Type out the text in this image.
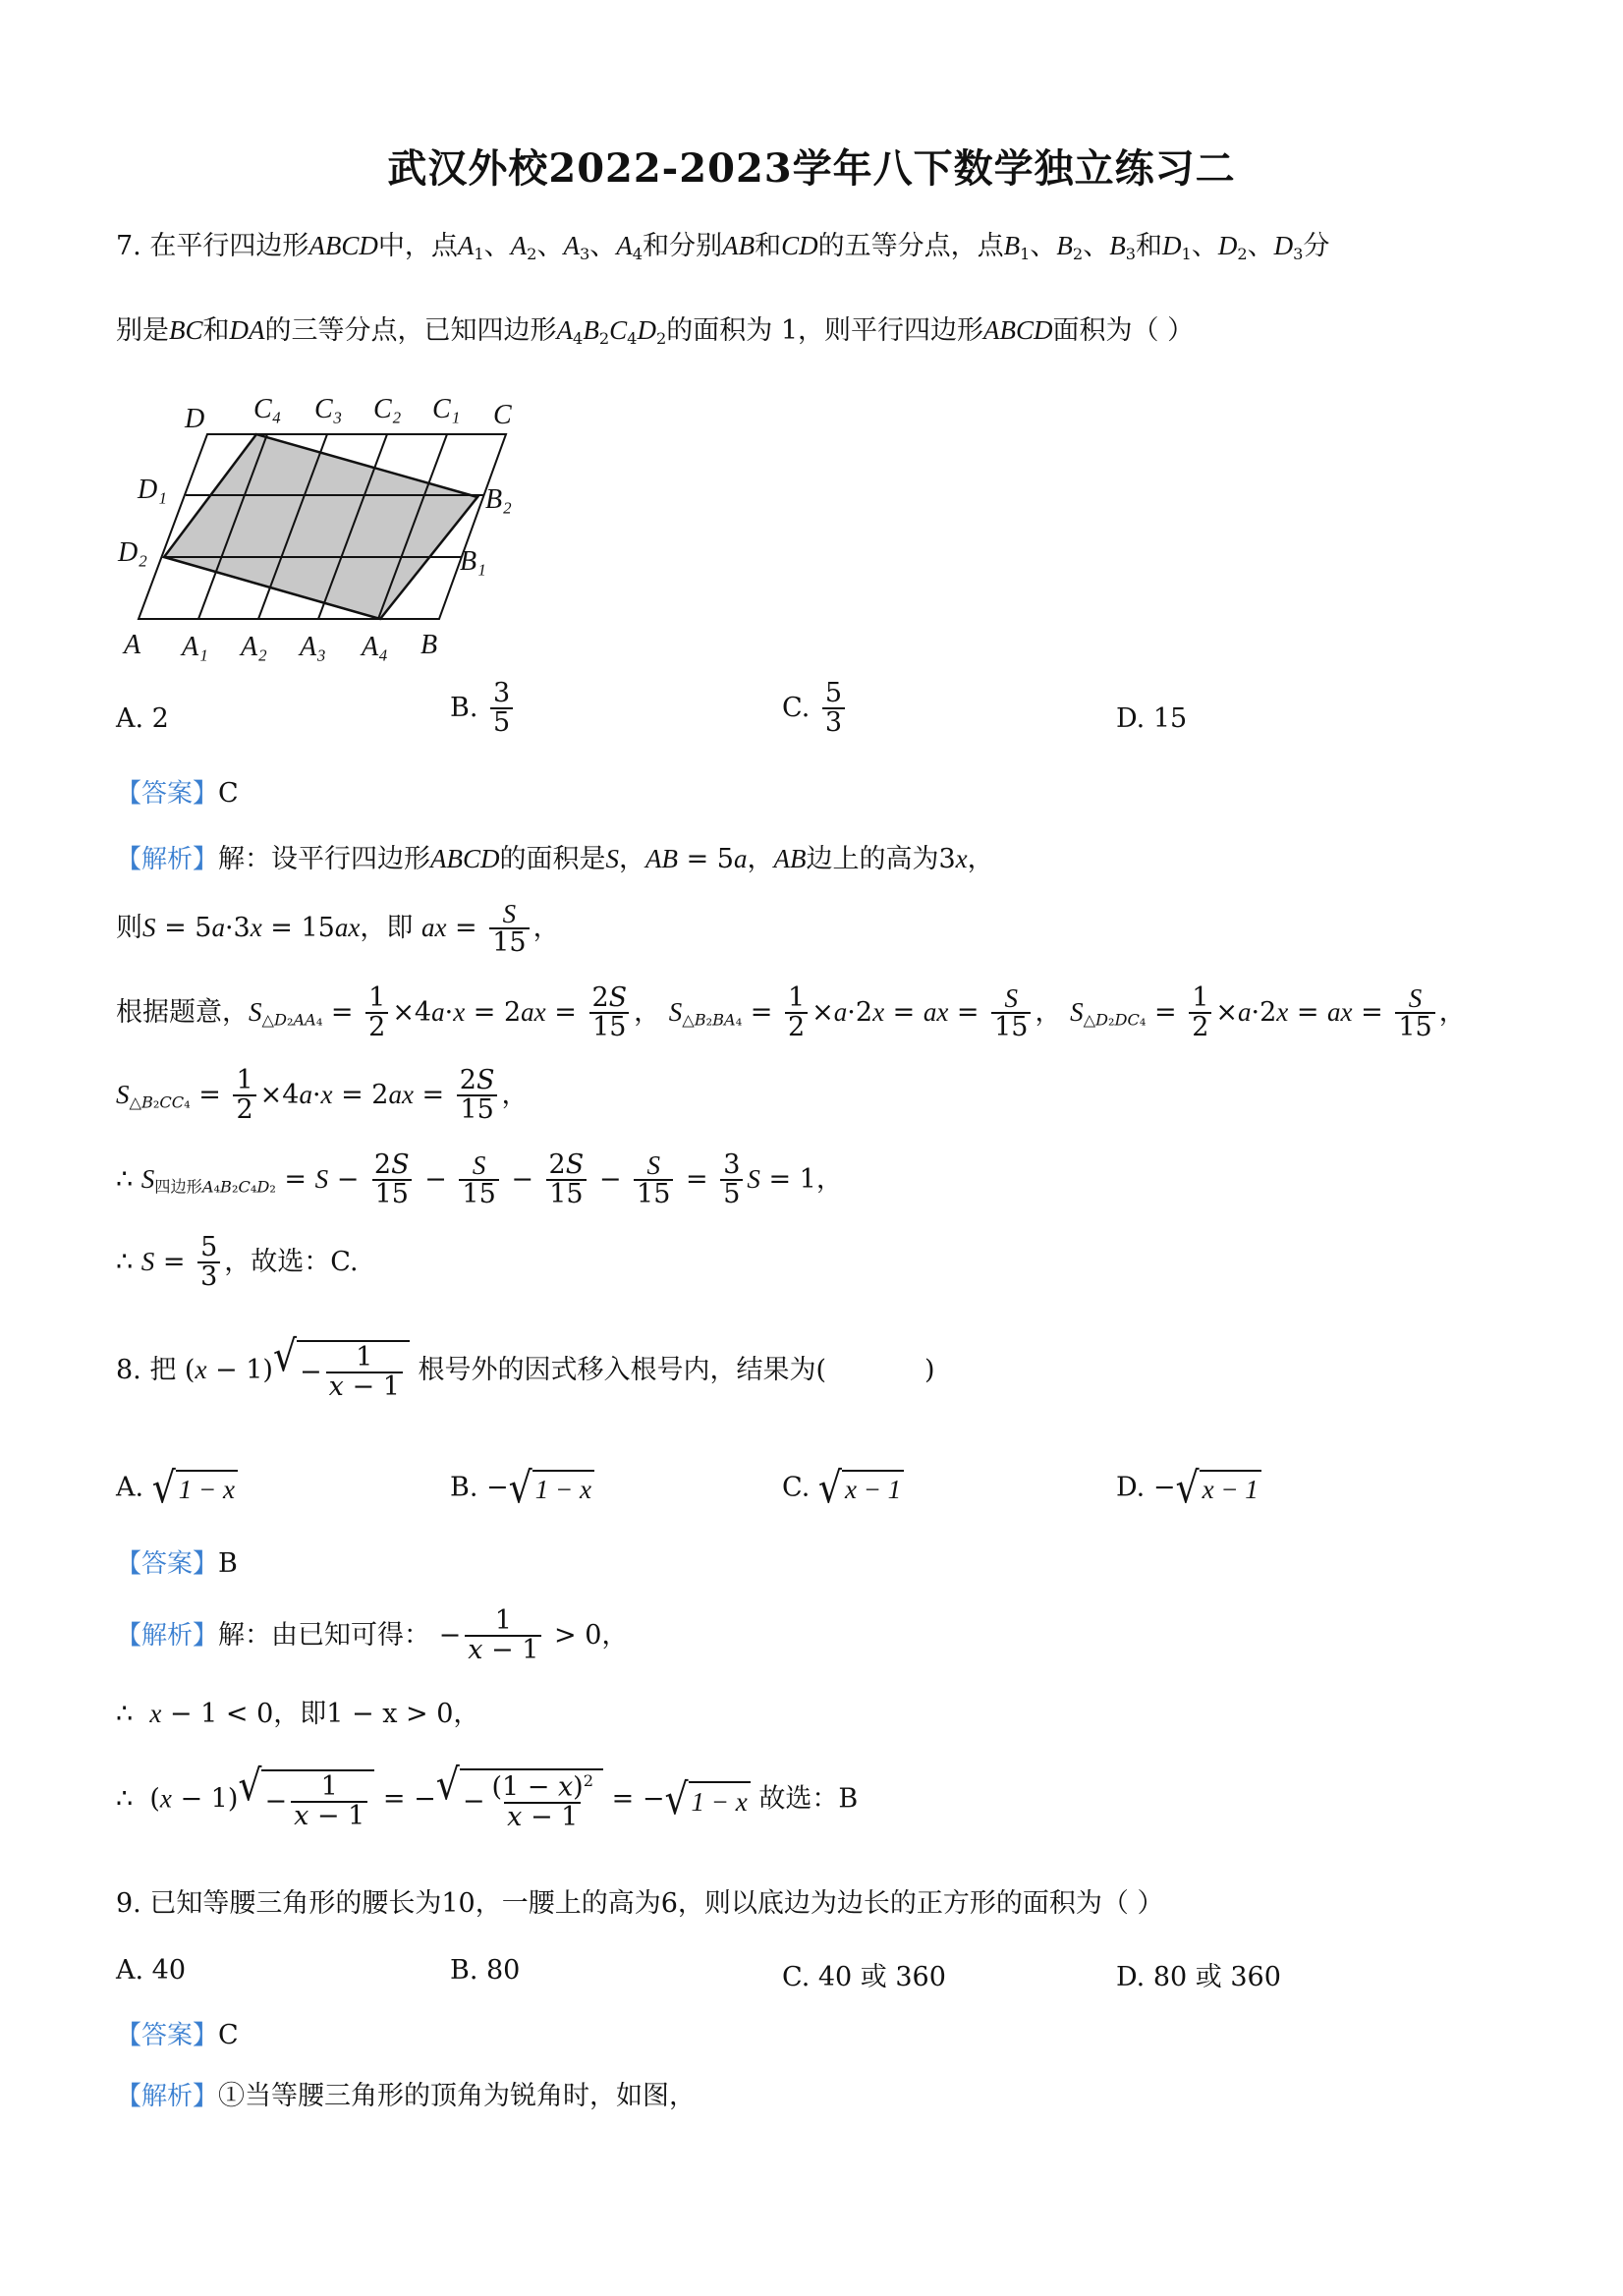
武汉外校2022-2023学年八下数学独立练习二
7. 在平行四边形ABCD中，点$A_1$、$A_2$、$A_3$、$A_4$和分别AB和CD的五等分点，点$B_1$、$B_2$、$B_3$和$D_1$、$D_2$、$D_3$分
别是BC和DA的三等分点，已知四边形$A_4B_2C_4D_2$的面积为 1，则平行四边形ABCD面积为（ ）
D C₄ C₃ C₂ C₁ C
D₁	B₂
D₂	B₁
A A₁ A₂ A₃ A₄ B
A. 2	B. $\frac{3}{5}$	C. $\frac{5}{3}$	D. 15
【答案】C
【解析】解：设平行四边形ABCD的面积是S，AB = 5a，AB边上的高为3x，
则S = 5a·3x = 15ax，即 ax = $\frac{S}{15}$ ，
根据题意，$S_{\triangle D_2AA_4} = \frac{1}{2} \times 4a\cdot x = 2ax = \frac{2S}{15}$ ， $S_{\triangle B_2BA_4} = \frac{1}{2} \times a\cdot 2x$ = ax = $\frac{S}{15}$ ， $S_{\triangle D_2DC_4} = \frac{1}{2} \times a\cdot 2x$ = ax = $\frac{S}{15}$ ，
$S_{\triangle B_2CC_4} = \frac{1}{2} \times 4a\cdot x = 2ax = \frac{2S}{15}$ ，
∴ $S_{四边形A_4B_2C_4D_2} = S - \frac{2S}{15} - \frac{S}{15} - \frac{2S}{15} - \frac{S}{15} = \frac{3}{5}$ S = 1，
∴ $S = \frac{5}{3}$ ，故选：C.
8. 把 (x − 1) √ − $\frac{1}{x - 1}$ 根号外的因式移入根号内，结果为(	)
A. √ 1 − x	B. − √ 1 − x	C. √ x − 1	D. − √ x − 1
【答案】B
【解析】解：由已知可得： − $\frac{1}{x - 1} > 0$，
∴  x − 1 < 0，即1 − x > 0，
∴  (x − 1) √ − $\frac{1}{x - 1}$ = − √ − $\frac{(1 - x)^2}{x - 1}$ = − √ 1 − x 故选：B
9. 已知等腰三角形的腰长为10，一腰上的高为6，则以底边为边长的正方形的面积为（ ）
A. 40	B. 80	C. 40 或 360	D. 80 或 360
【答案】C
【解析】①当等腰三角形的顶角为锐角时，如图，
